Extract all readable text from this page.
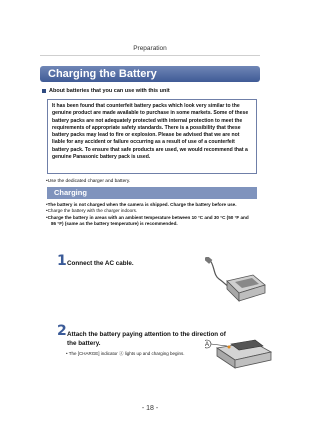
Preparation
Charging the Battery
About batteries that you can use with this unit
It has been found that counterfeit battery packs which look very similar to the genuine product are made available to purchase in some markets. Some of these battery packs are not adequately protected with internal protection to meet the requirements of appropriate safety standards. There is a possibility that these battery packs may lead to fire or explosion. Please be advised that we are not liable for any accident or failure occurring as a result of use of a counterfeit battery pack. To ensure that safe products are used, we would recommend that a genuine Panasonic battery pack is used.
•Use the dedicated charger and battery.
Charging
•The battery is not charged when the camera is shipped. Charge the battery before use.
•Charge the battery with the charger indoors.
•Charge the battery in areas with an ambient temperature between 10 °C and 30 °C (50 °F and
86 °F) (same as the battery temperature) is recommended.
1 Connect the AC cable.
2 Attach the battery paying attention to the direction of
the battery.
• The [CHARGE] indicator Ⓐ lights up and charging begins.
A
- 18 -
